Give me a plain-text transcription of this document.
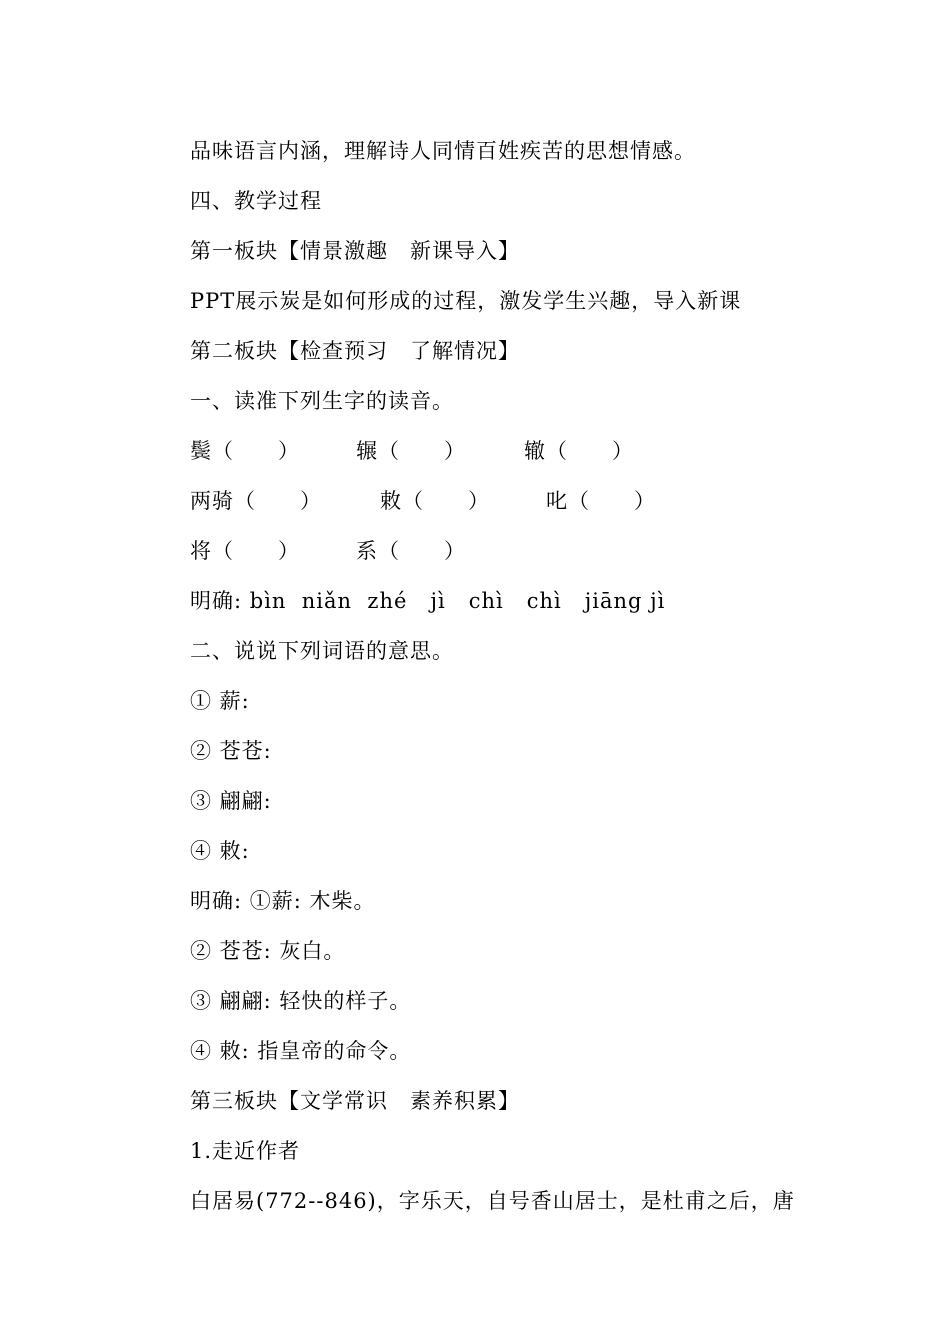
品味语言内涵，理解诗人同情百姓疾苦的思想情感。
四、教学过程
第一板块【情景激趣　新课导入】
PPT展示炭是如何形成的过程，激发学生兴趣，导入新课
第二板块【检查预习　了解情况】
一、读准下列生字的读音。
鬓（　　）	辗（　　）	辙（　　）
两骑（　　）	敕（　　）	叱（　　）
将（　　）	系（　　）
明确: bìn  niǎn  zhé   jì   chì   chì   jiāng jì
二、说说下列词语的意思。
① 薪:
② 苍苍:
③ 翩翩:
④ 敕:
明确: ①薪: 木柴。
② 苍苍: 灰白。
③ 翩翩: 轻快的样子。
④ 敕: 指皇帝的命令。
第三板块【文学常识　素养积累】
1.走近作者
白居易(772--846)，字乐天，自号香山居士，是杜甫之后，唐
